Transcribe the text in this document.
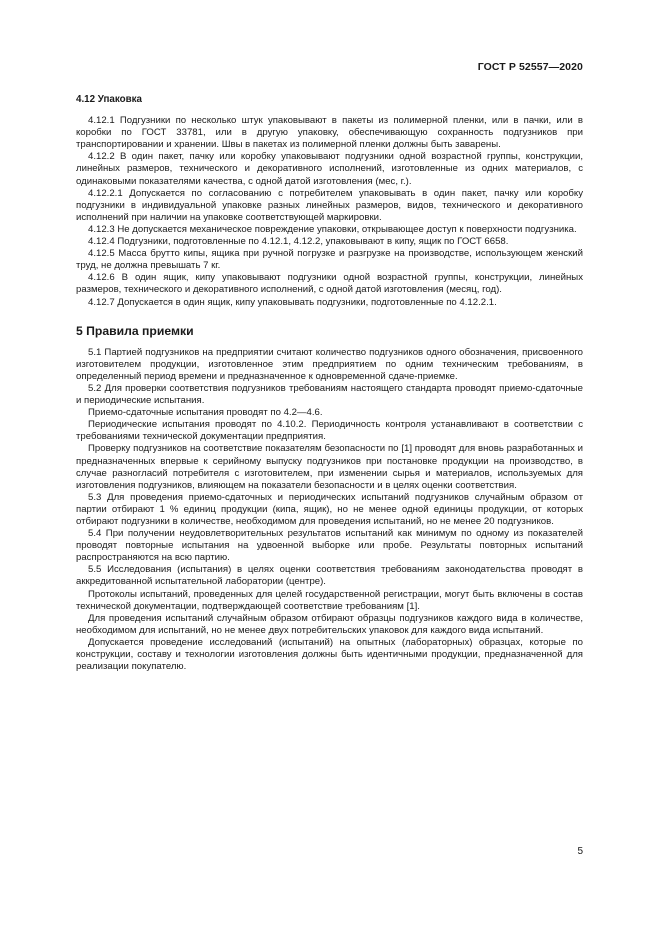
ГОСТ Р 52557—2020

4.12 Упаковка

4.12.1 Подгузники по несколько штук упаковывают в пакеты из полимерной пленки, или в пачки, или в коробки по ГОСТ 33781, или в другую упаковку, обеспечивающую сохранность подгузников при транспортировании и хранении. Швы в пакетах из полимерной пленки должны быть заварены.

4.12.2 В один пакет, пачку или коробку упаковывают подгузники одной возрастной группы, конструкции, линейных размеров, технического и декоративного исполнений, изготовленные из одних материалов, с одинаковыми показателями качества, с одной датой изготовления (мес, г.).

4.12.2.1 Допускается по согласованию с потребителем упаковывать в один пакет, пачку или коробку подгузники в индивидуальной упаковке разных линейных размеров, видов, технического и декоративного исполнений при наличии на упаковке соответствующей маркировки.

4.12.3 Не допускается механическое повреждение упаковки, открывающее доступ к поверхности подгузника.

4.12.4 Подгузники, подготовленные по 4.12.1, 4.12.2, упаковывают в кипу, ящик по ГОСТ 6658.

4.12.5 Масса брутто кипы, ящика при ручной погрузке и разгрузке на производстве, использующем женский труд, не должна превышать 7 кг.

4.12.6 В один ящик, кипу упаковывают подгузники одной возрастной группы, конструкции, линейных размеров, технического и декоративного исполнений, с одной датой изготовления (месяц, год).

4.12.7 Допускается в один ящик, кипу упаковывать подгузники, подготовленные по 4.12.2.1.

5 Правила приемки

5.1 Партией подгузников на предприятии считают количество подгузников одного обозначения, присвоенного изготовителем продукции, изготовленное этим предприятием по одним техническим требованиям, в определенный период времени и предназначенное к одновременной сдаче-приемке.

5.2 Для проверки соответствия подгузников требованиям настоящего стандарта проводят приемо-сдаточные и периодические испытания.

Приемо-сдаточные испытания проводят по 4.2—4.6.

Периодические испытания проводят по 4.10.2. Периодичность контроля устанавливают в соответствии с требованиями технической документации предприятия.

Проверку подгузников на соответствие показателям безопасности по [1] проводят для вновь разработанных и предназначенных впервые к серийному выпуску подгузников при постановке продукции на производство, в случае разногласий потребителя с изготовителем, при изменении сырья и материалов, используемых для изготовления подгузников, влияющем на показатели безопасности и в целях оценки соответствия.

5.3 Для проведения приемо-сдаточных и периодических испытаний подгузников случайным образом от партии отбирают 1 % единиц продукции (кипа, ящик), но не менее одной единицы продукции, от которых отбирают подгузники в количестве, необходимом для проведения испытаний, но не менее 20 подгузников.

5.4 При получении неудовлетворительных результатов испытаний как минимум по одному из показателей проводят повторные испытания на удвоенной выборке или пробе. Результаты повторных испытаний распространяются на всю партию.

5.5 Исследования (испытания) в целях оценки соответствия требованиям законодательства проводят в аккредитованной испытательной лаборатории (центре).

Протоколы испытаний, проведенных для целей государственной регистрации, могут быть включены в состав технической документации, подтверждающей соответствие требованиям [1].

Для проведения испытаний случайным образом отбирают образцы подгузников каждого вида в количестве, необходимом для испытаний, но не менее двух потребительских упаковок для каждого вида испытаний.

Допускается проведение исследований (испытаний) на опытных (лабораторных) образцах, которые по конструкции, составу и технологии изготовления должны быть идентичными продукции, предназначенной для реализации покупателю.

5
